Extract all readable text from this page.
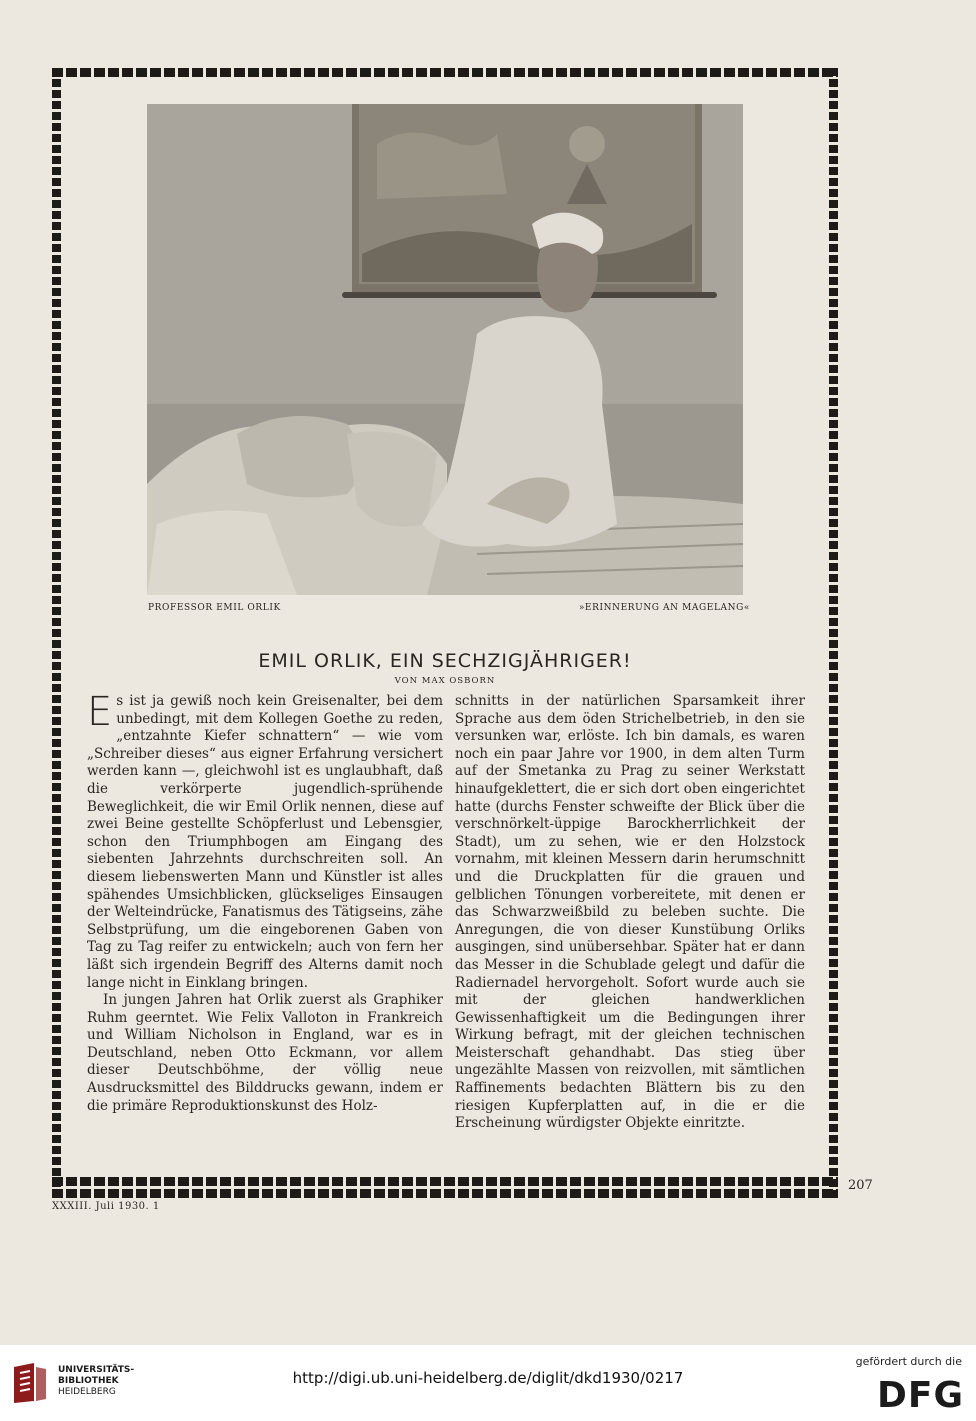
PROFESSOR EMIL ORLIK	»ERINNERUNG AN MAGELANG«
EMIL ORLIK, EIN SECHZIGJÄHRIGER!
VON MAX OSBORN

Es ist ja gewiß noch kein Greisenalter, bei dem unbedingt, mit dem Kollegen Goethe zu reden, „entzahnte Kiefer schnattern“ — wie vom „Schreiber dieses“ aus eigner Erfahrung versichert werden kann —, gleichwohl ist es unglaubhaft, daß die verkörperte jugendlich-sprühende Beweglichkeit, die wir Emil Orlik nennen, diese auf zwei Beine gestellte Schöpferlust und Lebensgier, schon den Triumphbogen am Eingang des siebenten Jahrzehnts durchschreiten soll. An diesem liebenswerten Mann und Künstler ist alles spähendes Umsichblicken, glückseliges Einsaugen der Welteindrücke, Fanatismus des Tätigseins, zähe Selbstprüfung, um die eingeborenen Gaben von Tag zu Tag reifer zu entwickeln; auch von fern her läßt sich irgendein Begriff des Alterns damit noch lange nicht in Einklang bringen.

In jungen Jahren hat Orlik zuerst als Graphiker Ruhm geerntet. Wie Felix Valloton in Frankreich und William Nicholson in England, war es in Deutschland, neben Otto Eckmann, vor allem dieser Deutschböhme, der völlig neue Ausdrucksmittel des Bilddrucks gewann, indem er die primäre Reproduktionskunst des Holz-

schnitts in der natürlichen Sparsamkeit ihrer Sprache aus dem öden Strichelbetrieb, in den sie versunken war, erlöste. Ich bin damals, es waren noch ein paar Jahre vor 1900, in dem alten Turm auf der Smetanka zu Prag zu seiner Werkstatt hinaufgeklettert, die er sich dort oben eingerichtet hatte (durchs Fenster schweifte der Blick über die verschnörkelt-üppige Barockherrlichkeit der Stadt), um zu sehen, wie er den Holzstock vornahm, mit kleinen Messern darin herumschnitt und die Druckplatten für die grauen und gelblichen Tönungen vorbereitete, mit denen er das Schwarzweißbild zu beleben suchte. Die Anregungen, die von dieser Kunstübung Orliks ausgingen, sind unübersehbar. Später hat er dann das Messer in die Schublade gelegt und dafür die Radiernadel hervorgeholt. Sofort wurde auch sie mit der gleichen handwerklichen Gewissenhaftigkeit um die Bedingungen ihrer Wirkung befragt, mit der gleichen technischen Meisterschaft gehandhabt. Das stieg über ungezählte Massen von reizvollen, mit sämtlichen Raffinements bedachten Blättern bis zu den riesigen Kupferplatten auf, in die er die Erscheinung würdigster Objekte einritzte.

207
XXXIII. Juli 1930. 1
UNIVERSITÄTS-
BIBLIOTHEK
HEIDELBERG
http://digi.ub.uni-heidelberg.de/diglit/dkd1930/0217
gefördert durch die
DFG
